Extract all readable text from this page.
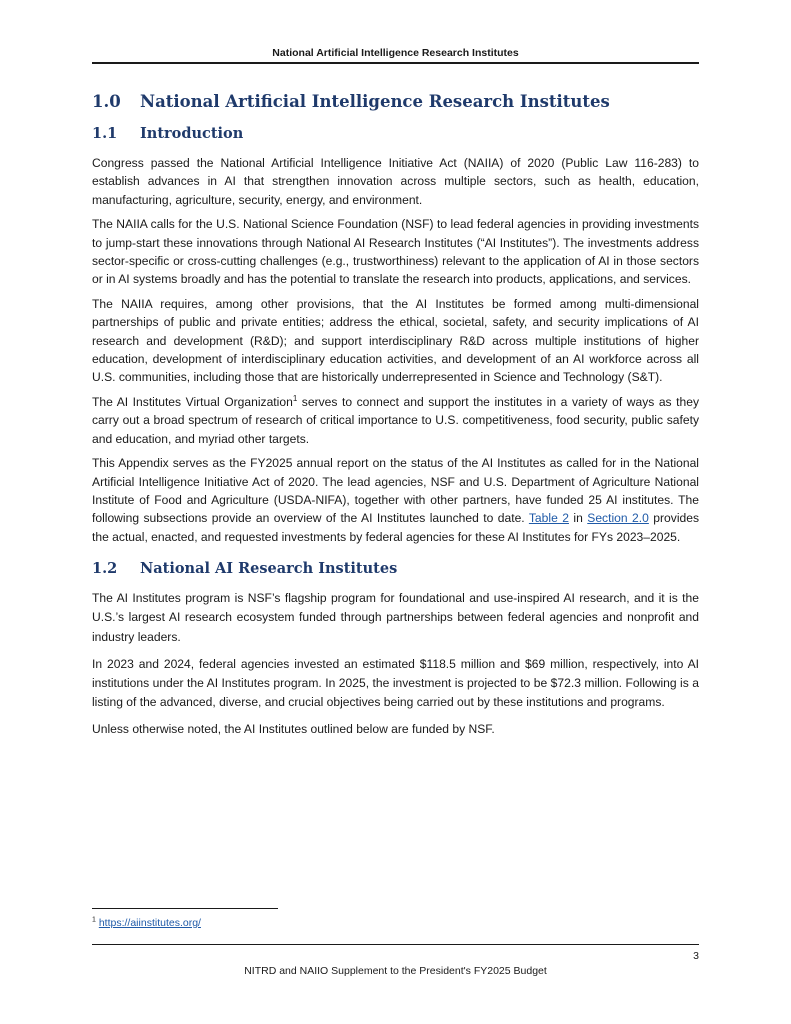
National Artificial Intelligence Research Institutes
1.0 National Artificial Intelligence Research Institutes
1.1 Introduction

Congress passed the National Artificial Intelligence Initiative Act (NAIIA) of 2020 (Public Law 116-283) to establish advances in AI that strengthen innovation across multiple sectors, such as health, education, manufacturing, agriculture, security, energy, and environment.

The NAIIA calls for the U.S. National Science Foundation (NSF) to lead federal agencies in providing investments to jump-start these innovations through National AI Research Institutes (“AI Institutes”). The investments address sector-specific or cross-cutting challenges (e.g., trustworthiness) relevant to the application of AI in those sectors or in AI systems broadly and has the potential to translate the research into products, applications, and services.

The NAIIA requires, among other provisions, that the AI Institutes be formed among multi-dimensional partnerships of public and private entities; address the ethical, societal, safety, and security implications of AI research and development (R&D); and support interdisciplinary R&D across multiple institutions of higher education, development of interdisciplinary education activities, and development of an AI workforce across all U.S. communities, including those that are historically underrepresented in Science and Technology (S&T).

The AI Institutes Virtual Organization$^1$ serves to connect and support the institutes in a variety of ways as they carry out a broad spectrum of research of critical importance to U.S. competitiveness, food security, public safety and education, and myriad other targets.

This Appendix serves as the FY2025 annual report on the status of the AI Institutes as called for in the National Artificial Intelligence Initiative Act of 2020. The lead agencies, NSF and U.S. Department of Agriculture National Institute of Food and Agriculture (USDA-NIFA), together with other partners, have funded 25 AI institutes. The following subsections provide an overview of the AI Institutes launched to date. Table 2 in Section 2.0 provides the actual, enacted, and requested investments by federal agencies for these AI Institutes for FYs 2023–2025.

1.2 National AI Research Institutes

The AI Institutes program is NSF’s flagship program for foundational and use-inspired AI research, and it is the U.S.’s largest AI research ecosystem funded through partnerships between federal agencies and nonprofit and industry leaders.

In 2023 and 2024, federal agencies invested an estimated $118.5 million and $69 million, respectively, into AI institutions under the AI Institutes program. In 2025, the investment is projected to be $72.3 million. Following is a listing of the advanced, diverse, and crucial objectives being carried out by these institutions and programs.

Unless otherwise noted, the AI Institutes outlined below are funded by NSF.

$^1$ https://aiinstitutes.org/
3
NITRD and NAIIO Supplement to the President's FY2025 Budget
